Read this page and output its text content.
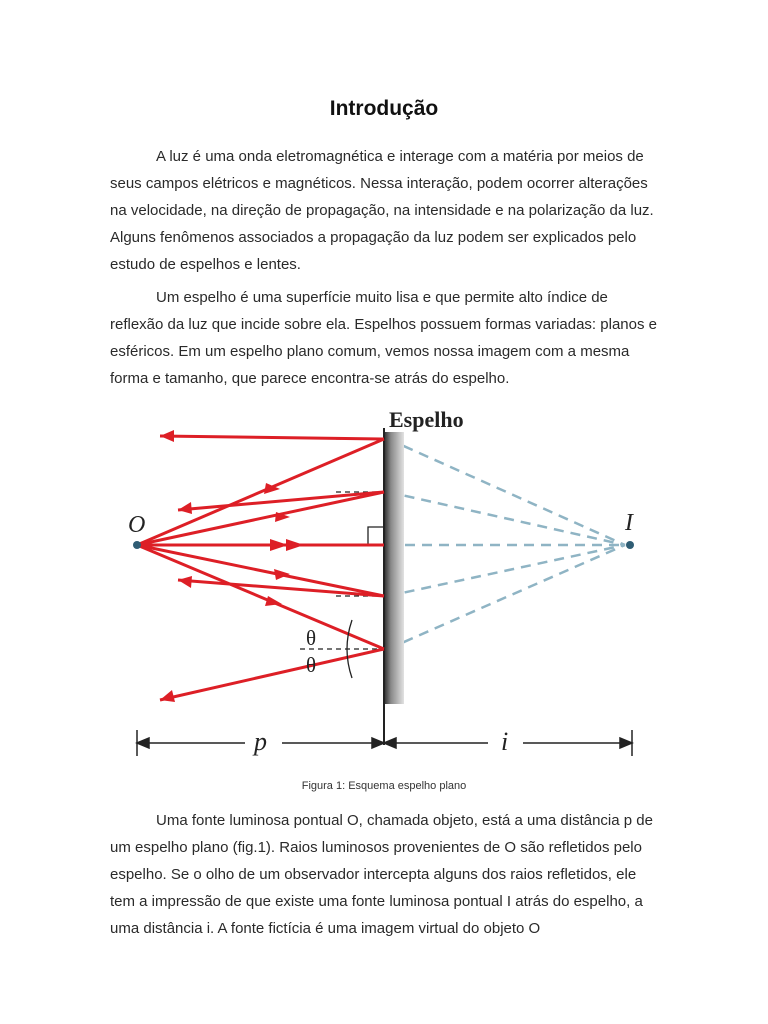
Introdução

A luz é uma onda eletromagnética e interage com a matéria por meios de seus campos elétricos e magnéticos. Nessa interação, podem ocorrer alterações na velocidade, na direção de propagação, na intensidade e na polarização da luz. Alguns fenômenos associados a propagação da luz podem ser explicados pelo estudo de espelhos e lentes.

Um espelho é uma superfície muito lisa e que permite alto índice de reflexão da luz que incide sobre ela. Espelhos possuem formas variadas: planos e esféricos. Em um espelho plano comum, vemos nossa imagem com a mesma forma e tamanho, que parece encontra-se atrás do espelho.

Espelho
O	I
θ
θ
p	i
Figura 1: Esquema espelho plano

Uma fonte luminosa pontual O, chamada objeto, está a uma distância p de um espelho plano (fig.1). Raios luminosos provenientes de O são refletidos pelo espelho. Se o olho de um observador intercepta alguns dos raios refletidos, ele tem a impressão de que existe uma fonte luminosa pontual I atrás do espelho, a uma distância i. A fonte fictícia é uma imagem virtual do objeto O
